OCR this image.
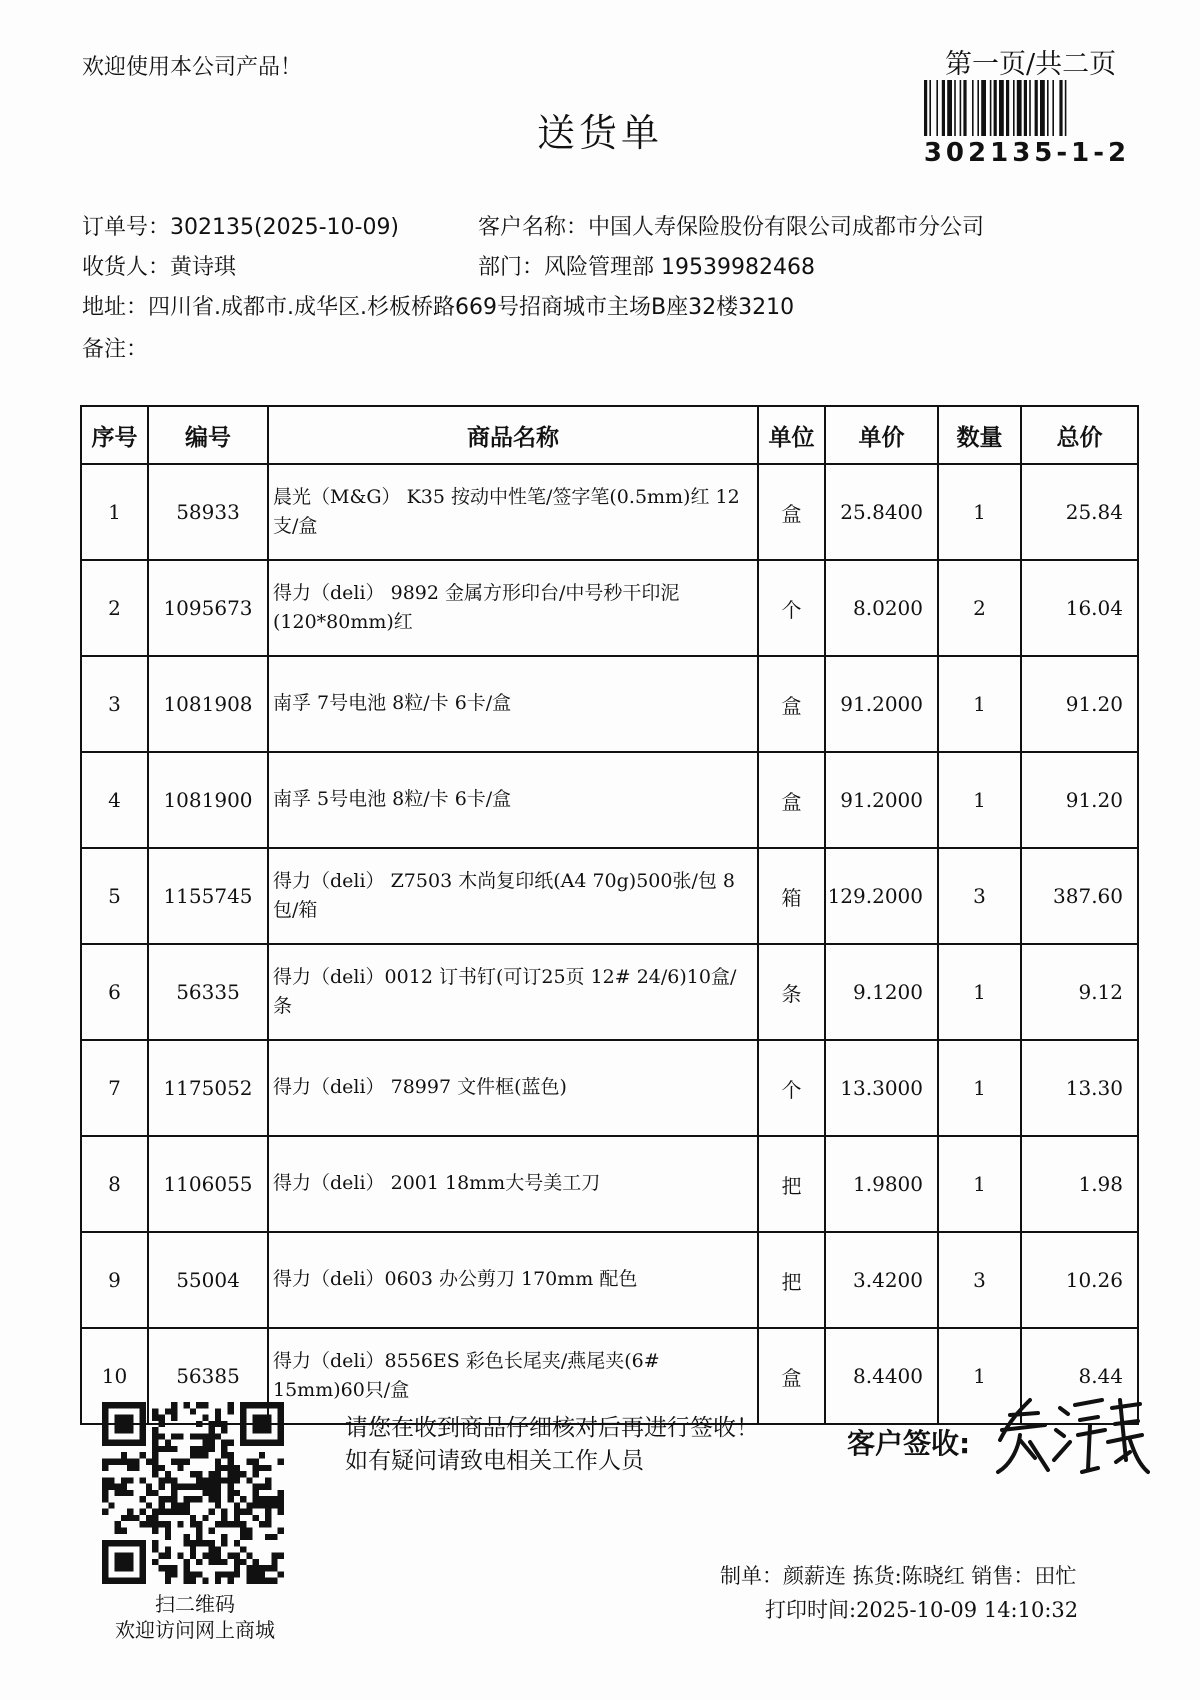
欢迎使用本公司产品！
送货单
第一页/共二页
302135-1-2
订单号：302135(2025-10-09)	客户名称：中国人寿保险股份有限公司成都市分公司
收货人：黄诗琪	部门：风险管理部 19539982468
地址：四川省.成都市.成华区.杉板桥路669号招商城市主场B座32楼3210
备注：
序号	编号	商品名称	单位	单价	数量	总价
1	58933	晨光（M&G） K35 按动中性笔/签字笔(0.5mm)红 12支/盒	盒	25.8400	1	25.84
2	1095673	得力（deli） 9892 金属方形印台/中号秒干印泥 (120*80mm)红	个	8.0200	2	16.04
3	1081908	南孚 7号电池 8粒/卡 6卡/盒	盒	91.2000	1	91.20
4	1081900	南孚 5号电池 8粒/卡 6卡/盒	盒	91.2000	1	91.20
5	1155745	得力（deli） Z7503 木尚复印纸(A4 70g)500张/包 8包/箱	箱	129.2000	3	387.60
6	56335	得力（deli）0012 订书钉(可订25页 12# 24/6)10盒/条	条	9.1200	1	9.12
7	1175052	得力（deli） 78997 文件框(蓝色)	个	13.3000	1	13.30
8	1106055	得力（deli） 2001 18mm大号美工刀	把	1.9800	1	1.98
9	55004	得力（deli）0603 办公剪刀 170mm 配色	把	3.4200	3	10.26
10	56385	得力（deli）8556ES 彩色长尾夹/燕尾夹(6# 15mm)60只/盒	盒	8.4400	1	8.44
扫二维码
欢迎访问网上商城
请您在收到商品仔细核对后再进行签收！如有疑问请致电相关工作人员
客户签收:
制单：颜薪连 拣货:陈晓红 销售：田忙
打印时间:2025-10-09 14:10:32
